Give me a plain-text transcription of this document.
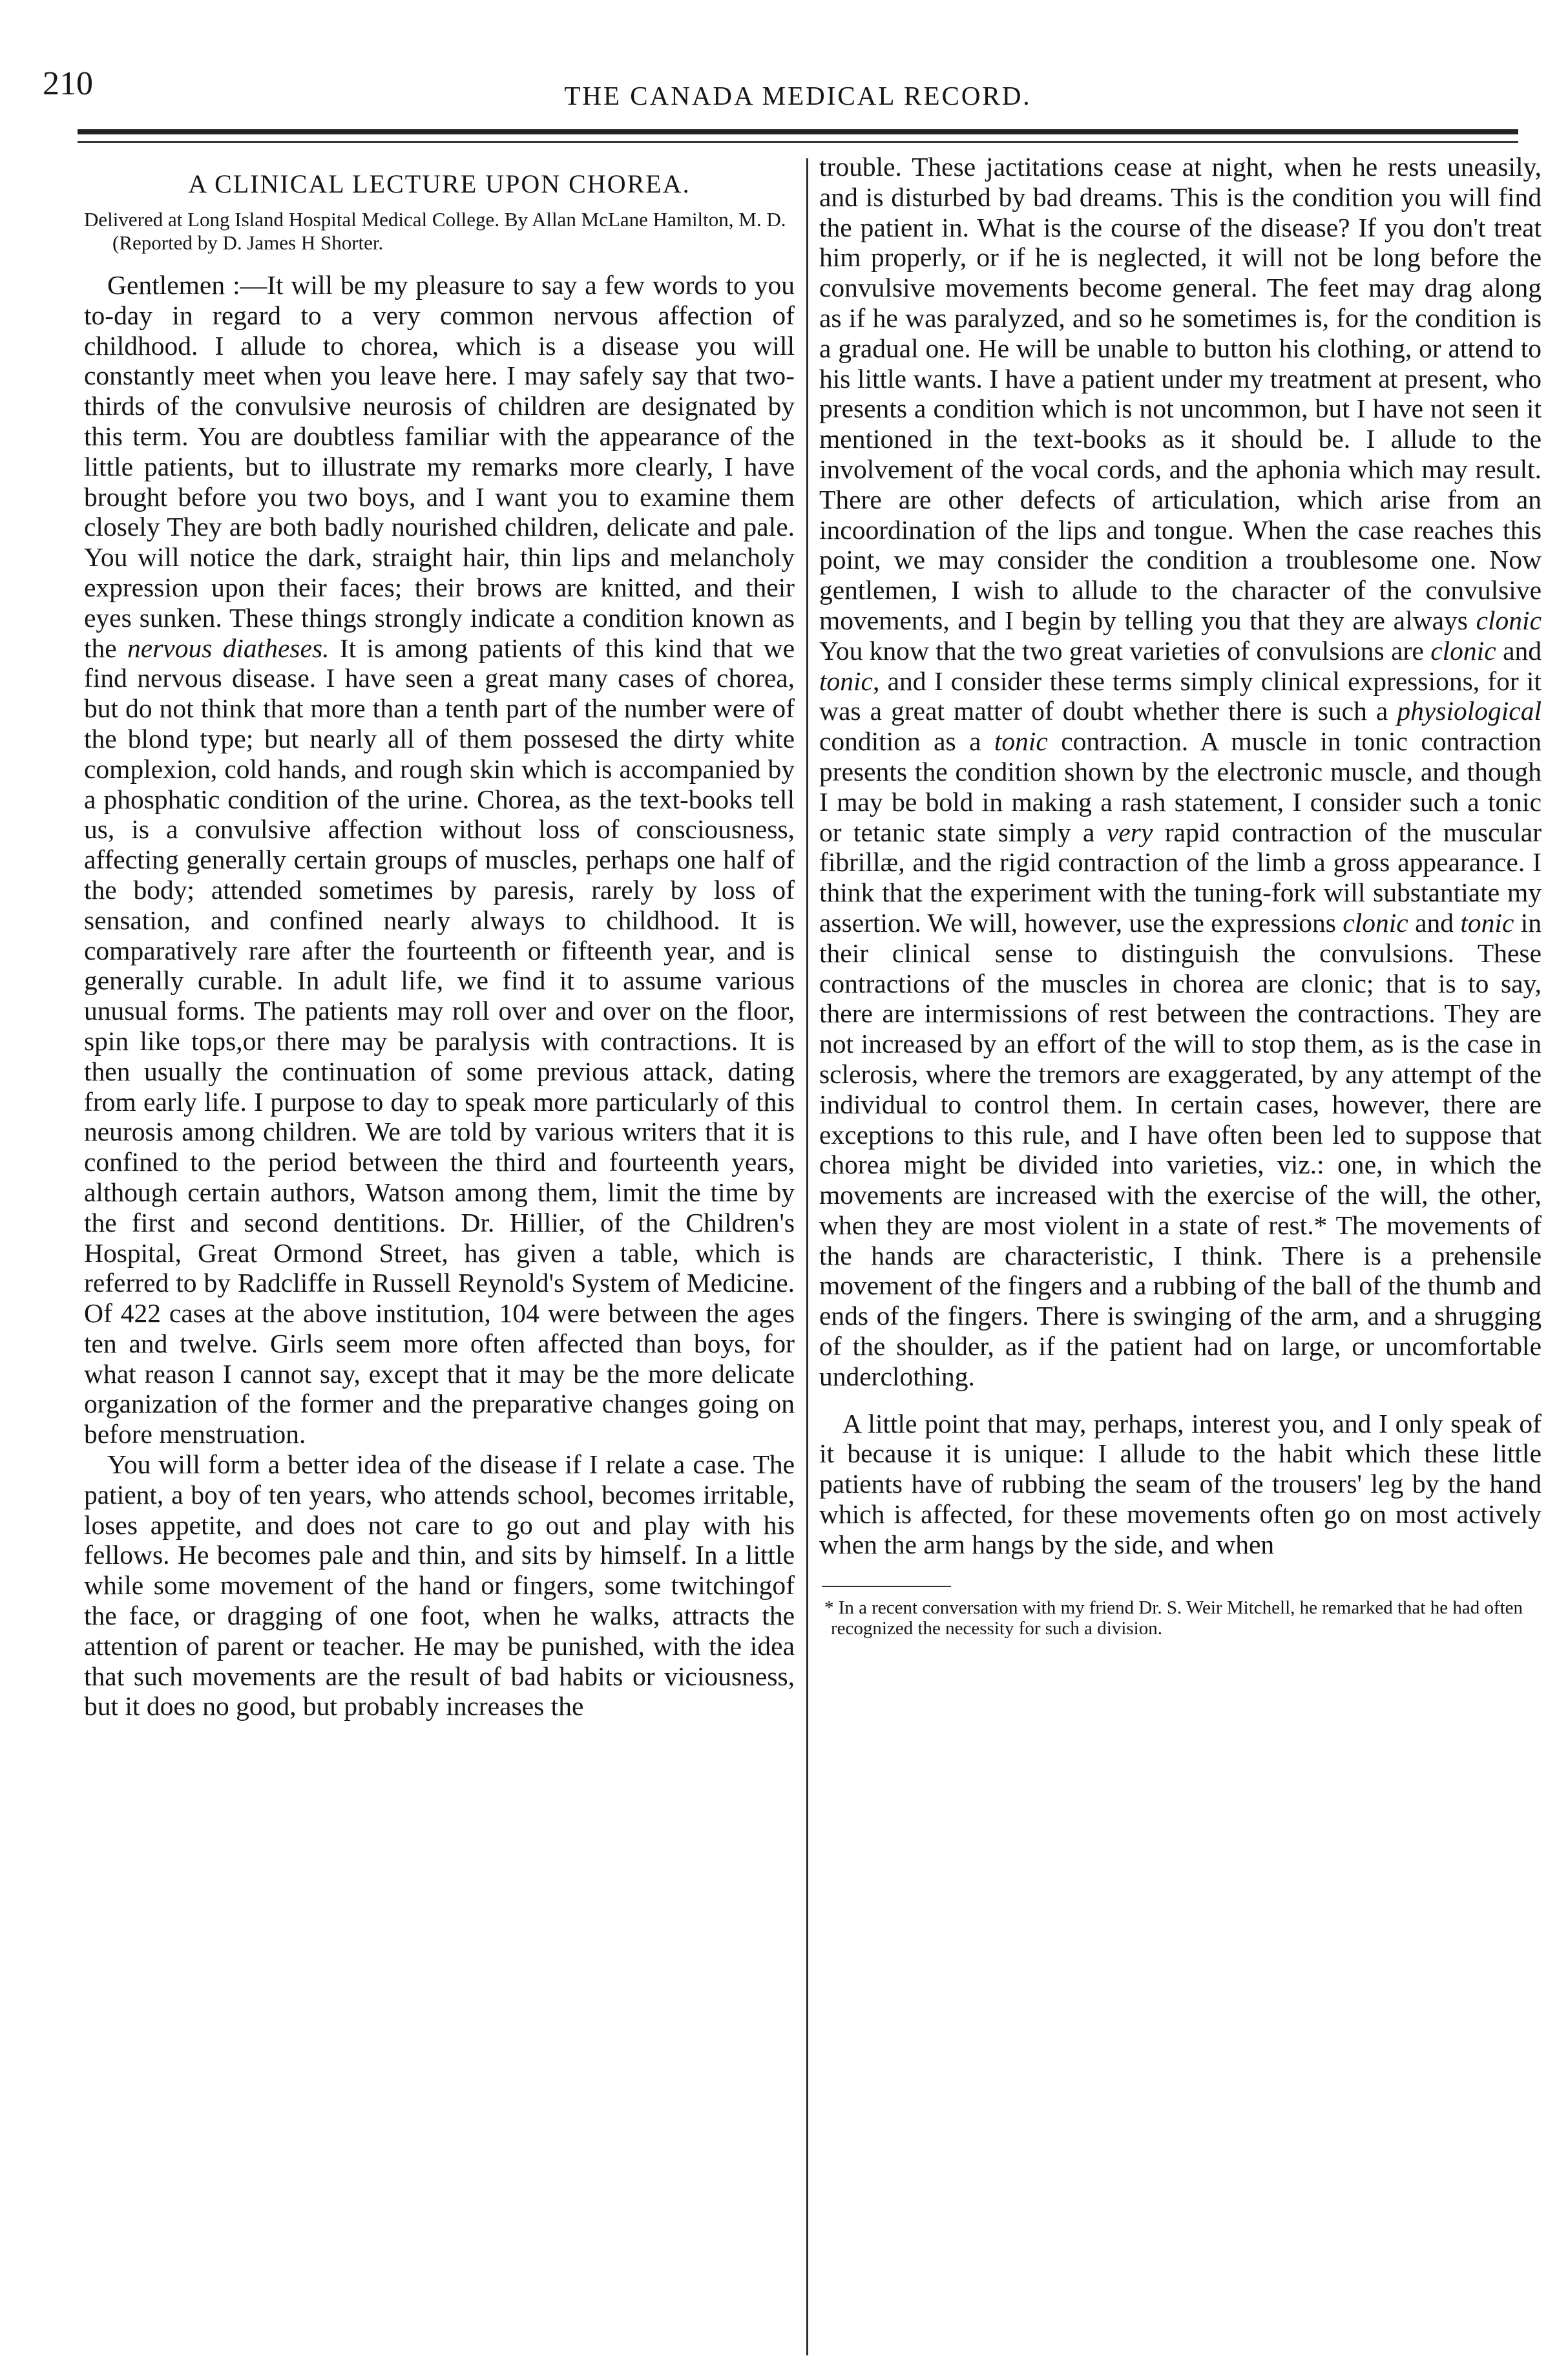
210	THE CANADA MEDICAL RECORD.
A CLINICAL LECTURE UPON CHOREA.
Delivered at Long Island Hospital Medical College. By Allan McLane Hamilton, M. D. (Reported by D. James H Shorter.

Gentlemen :—It will be my pleasure to say a few words to you to-day in regard to a very common nervous affection of childhood. I allude to chorea, which is a disease you will constantly meet when you leave here. I may safely say that two-thirds of the convulsive neurosis of children are designated by this term. You are doubtless familiar with the appearance of the little patients, but to illustrate my remarks more clearly, I have brought before you two boys, and I want you to examine them closely They are both badly nourished children, delicate and pale. You will notice the dark, straight hair, thin lips and melancholy expression upon their faces; their brows are knitted, and their eyes sunken. These things strongly indicate a condition known as the nervous diatheses. It is among patients of this kind that we find nervous disease. I have seen a great many cases of chorea, but do not think that more than a tenth part of the number were of the blond type; but nearly all of them possesed the dirty white complexion, cold hands, and rough skin which is accompanied by a phosphatic condition of the urine. Chorea, as the text-books tell us, is a convulsive affection without loss of consciousness, affecting generally certain groups of muscles, perhaps one half of the body; attended sometimes by paresis, rarely by loss of sensation, and confined nearly always to childhood. It is comparatively rare after the fourteenth or fifteenth year, and is generally curable. In adult life, we find it to assume various unusual forms. The patients may roll over and over on the floor, spin like tops,or there may be paralysis with contractions. It is then usually the continuation of some previous attack, dating from early life. I purpose to day to speak more particularly of this neurosis among children. We are told by various writers that it is confined to the period between the third and fourteenth years, although certain authors, Watson among them, limit the time by the first and second dentitions. Dr. Hillier, of the Children's Hospital, Great Ormond Street, has given a table, which is referred to by Radcliffe in Russell Reynold's System of Medicine. Of 422 cases at the above institution, 104 were between the ages ten and twelve. Girls seem more often affected than boys, for what reason I cannot say, except that it may be the more delicate organization of the former and the preparative changes going on before menstruation.

You will form a better idea of the disease if I relate a case. The patient, a boy of ten years, who attends school, becomes irritable, loses appetite, and does not care to go out and play with his fellows. He becomes pale and thin, and sits by himself. In a little while some movement of the hand or fingers, some twitchingof the face, or dragging of one foot, when he walks, attracts the attention of parent or teacher. He may be punished, with the idea that such movements are the result of bad habits or viciousness, but it does no good, but probably increases the

trouble. These jactitations cease at night, when he rests uneasily, and is disturbed by bad dreams. This is the condition you will find the patient in. What is the course of the disease? If you don't treat him properly, or if he is neglected, it will not be long before the convulsive movements become general. The feet may drag along as if he was paralyzed, and so he sometimes is, for the condition is a gradual one. He will be unable to button his clothing, or attend to his little wants. I have a patient under my treatment at present, who presents a condition which is not uncommon, but I have not seen it mentioned in the text-books as it should be. I allude to the involvement of the vocal cords, and the aphonia which may result. There are other defects of articulation, which arise from an incoordination of the lips and tongue. When the case reaches this point, we may consider the condition a troublesome one. Now gentlemen, I wish to allude to the character of the convulsive movements, and I begin by telling you that they are always clonic You know that the two great varieties of convulsions are clonic and tonic, and I consider these terms simply clinical expressions, for it was a great matter of doubt whether there is such a physiological condition as a tonic contraction. A muscle in tonic contraction presents the condition shown by the electronic muscle, and though I may be bold in making a rash statement, I consider such a tonic or tetanic state simply a very rapid contraction of the muscular fibrillæ, and the rigid contraction of the limb a gross appearance. I think that the experiment with the tuning-fork will substantiate my assertion. We will, however, use the expressions clonic and tonic in their clinical sense to distinguish the convulsions. These contractions of the muscles in chorea are clonic; that is to say, there are intermissions of rest between the contractions. They are not increased by an effort of the will to stop them, as is the case in sclerosis, where the tremors are exaggerated, by any attempt of the individual to control them. In certain cases, however, there are exceptions to this rule, and I have often been led to suppose that chorea might be divided into varieties, viz.: one, in which the movements are increased with the exercise of the will, the other, when they are most violent in a state of rest.* The movements of the hands are characteristic, I think. There is a prehensile movement of the fingers and a rubbing of the ball of the thumb and ends of the fingers. There is swinging of the arm, and a shrugging of the shoulder, as if the patient had on large, or uncomfortable underclothing.

A little point that may, perhaps, interest you, and I only speak of it because it is unique: I allude to the habit which these little patients have of rubbing the seam of the trousers' leg by the hand which is affected, for these movements often go on most actively when the arm hangs by the side, and when

* In a recent conversation with my friend Dr. S. Weir Mitchell, he remarked that he had often recognized the necessity for such a division.
